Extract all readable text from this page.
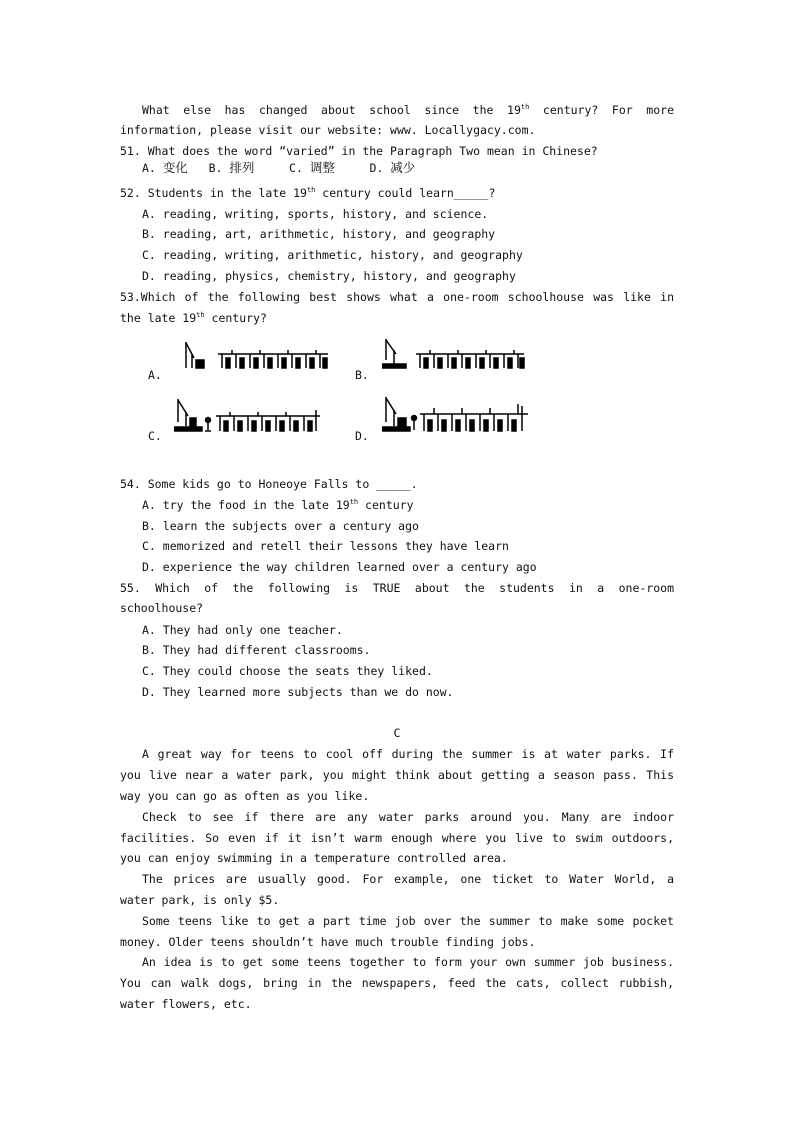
What else has changed about school since the 19th century? For more
information, please visit our website: www. Locallygacy.com.
51. What does the word “varied” in the Paragraph Two mean in Chinese?
A. 变化 B. 排列	C. 调整	D. 减少
52. Students in the late 19th century could learn_____?
A. reading, writing, sports, history, and science.
B. reading, art, arithmetic, history, and geography
C. reading, writing, arithmetic, history, and geography
D. reading, physics, chemistry, history, and geography
53.Which of the following best shows what a one-room schoolhouse was like in
the late 19th century?
A.	B.
C.	D.
54. Some kids go to Honeoye Falls to _____.
A. try the food in the late 19th century
B. learn the subjects over a century ago
C. memorized and retell their lessons they have learn
D. experience the way children learned over a century ago
55. Which of the following is TRUE about the students in a one-room
schoolhouse?
A. They had only one teacher.
B. They had different classrooms.
C. They could choose the seats they liked.
D. They learned more subjects than we do now.
C
A great way for teens to cool off during the summer is at water parks. If
you live near a water park, you might think about getting a season pass. This
way you can go as often as you like.
Check to see if there are any water parks around you. Many are indoor
facilities. So even if it isn’t warm enough where you live to swim outdoors,
you can enjoy swimming in a temperature controlled area.
The prices are usually good. For example, one ticket to Water World, a
water park, is only $5.
Some teens like to get a part time job over the summer to make some pocket
money. Older teens shouldn’t have much trouble finding jobs.
An idea is to get some teens together to form your own summer job business.
You can walk dogs, bring in the newspapers, feed the cats, collect rubbish,
water flowers, etc.
